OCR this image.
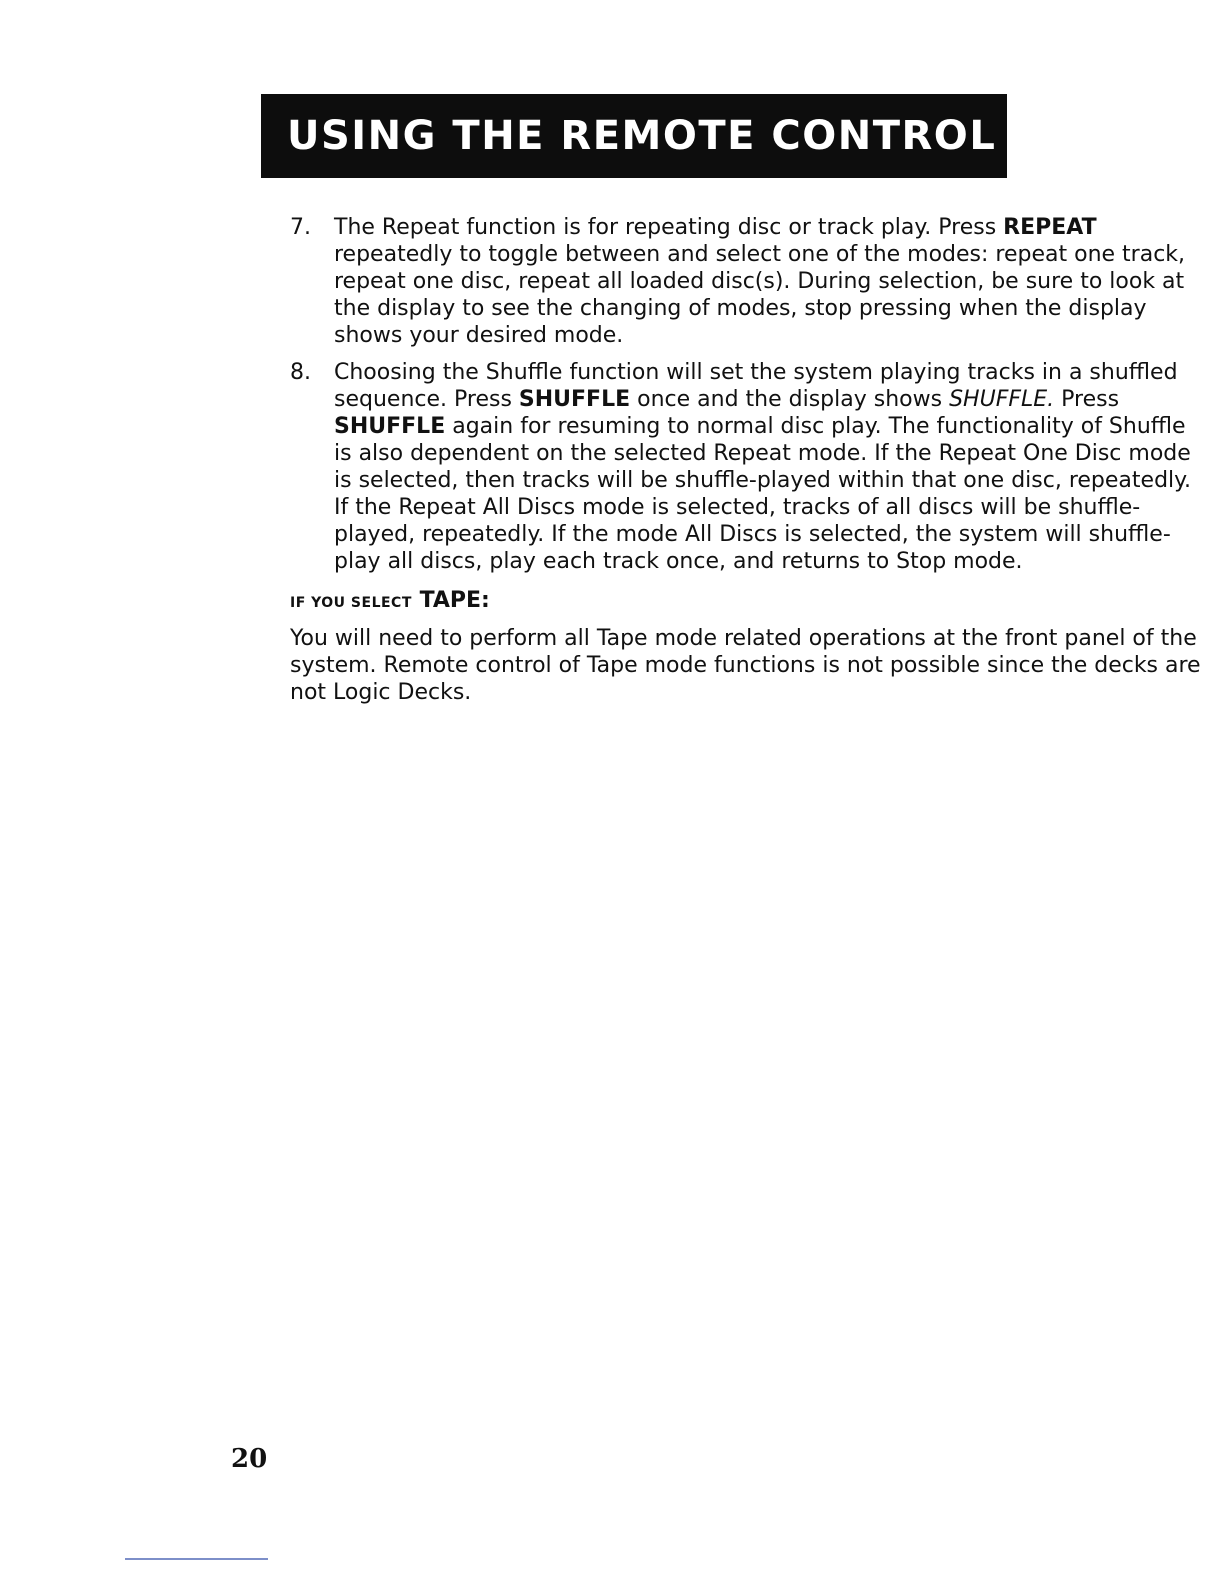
USING THE REMOTE CONTROL
7. The Repeat function is for repeating disc or track play. Press REPEAT repeatedly to toggle between and select one of the modes: repeat one track, repeat one disc, repeat all loaded disc(s). During selection, be sure to look at the display to see the changing of modes, stop pressing when the display shows your desired mode.
8. Choosing the Shuffle function will set the system playing tracks in a shuffled sequence. Press SHUFFLE once and the display shows SHUFFLE. Press SHUFFLE again for resuming to normal disc play. The functionality of Shuffle is also dependent on the selected Repeat mode. If the Repeat One Disc mode is selected, then tracks will be shuffle-played within that one disc, repeatedly. If the Repeat All Discs mode is selected, tracks of all discs will be shuffle-played, repeatedly. If the mode All Discs is selected, the system will shuffle-play all discs, play each track once, and returns to Stop mode.
IF YOU SELECT TAPE:

You will need to perform all Tape mode related operations at the front panel of the system. Remote control of Tape mode functions is not possible since the decks are not Logic Decks.

20
